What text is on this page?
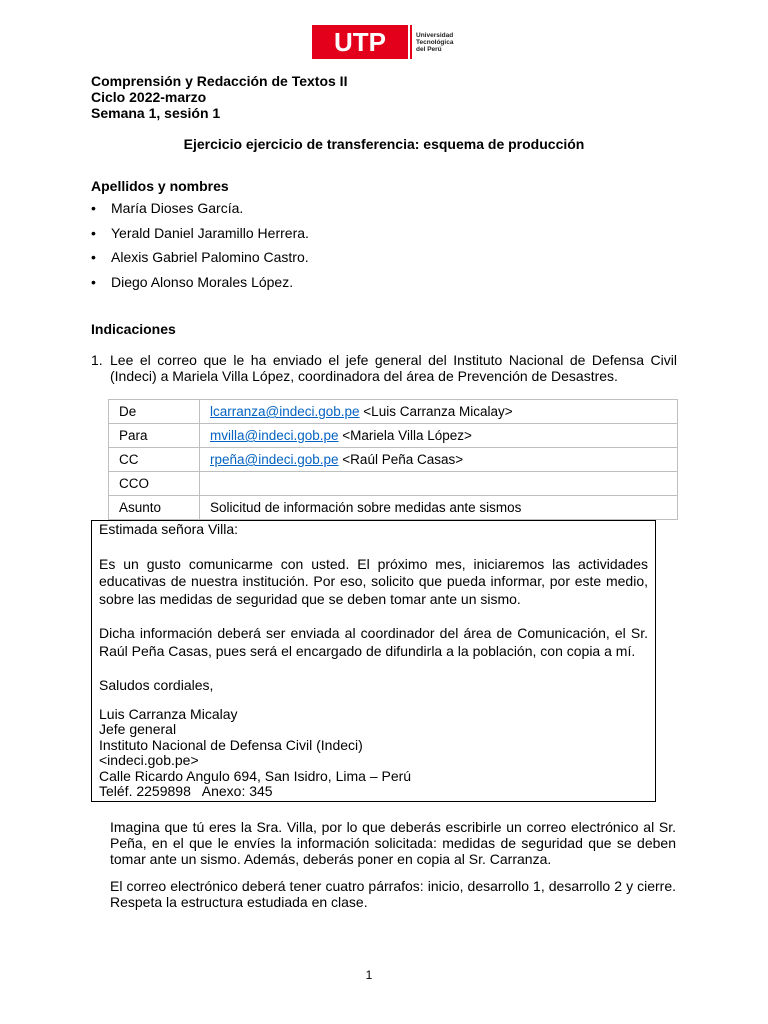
UTP	Universidad
Tecnológica
del Perú
Comprensión y Redacción de Textos II
Ciclo 2022-marzo
Semana 1, sesión 1
Ejercicio ejercicio de transferencia: esquema de producción
Apellidos y nombres
•	María Dioses García.
•	Yerald Daniel Jaramillo Herrera.
•	Alexis Gabriel Palomino Castro.
•	Diego Alonso Morales López.
Indicaciones
1. Lee el correo que le ha enviado el jefe general del Instituto Nacional de Defensa Civil (Indeci) a Mariela Villa López, coordinadora del área de Prevención de Desastres.
De	lcarranza@indeci.gob.pe <Luis Carranza Micalay>
Para	mvilla@indeci.gob.pe <Mariela Villa López>
CC	rpeña@indeci.gob.pe <Raúl Peña Casas>
CCO	
Asunto	Solicitud de información sobre medidas ante sismos

Estimada señora Villa:

Es un gusto comunicarme con usted. El próximo mes, iniciaremos las actividades educativas de nuestra institución. Por eso, solicito que pueda informar, por este medio, sobre las medidas de seguridad que se deben tomar ante un sismo.

Dicha información deberá ser enviada al coordinador del área de Comunicación, el Sr. Raúl Peña Casas, pues será el encargado de difundirla a la población, con copia a mí.

Saludos cordiales,

Luis Carranza Micalay
Jefe general
Instituto Nacional de Defensa Civil (Indeci)
<indeci.gob.pe>
Calle Ricardo Angulo 694, San Isidro, Lima – Perú
Teléf. 2259898   Anexo: 345
Imagina que tú eres la Sra. Villa, por lo que deberás escribirle un correo electrónico al Sr. Peña, en el que le envíes la información solicitada: medidas de seguridad que se deben tomar ante un sismo. Además, deberás poner en copia al Sr. Carranza.
El correo electrónico deberá tener cuatro párrafos: inicio, desarrollo 1, desarrollo 2 y cierre. Respeta la estructura estudiada en clase.
1
